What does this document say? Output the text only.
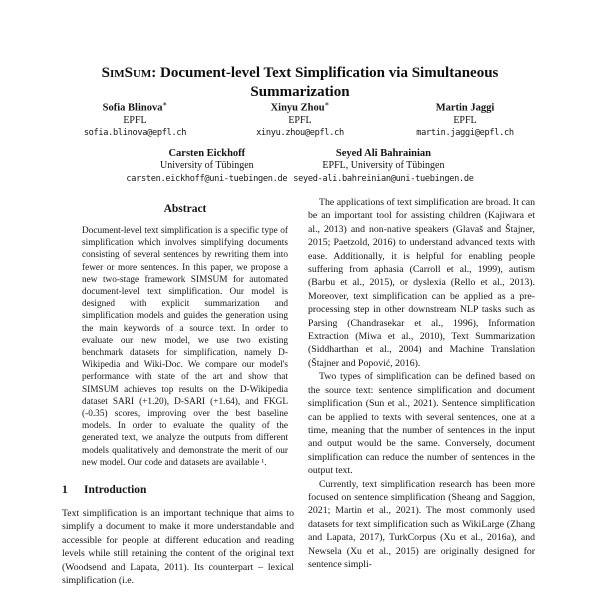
SimSum: Document-level Text Simplification via Simultaneous Summarization
Sofia Blinova∗
EPFL
sofia.blinova@epfl.ch
Xinyu Zhou∗
EPFL
xinyu.zhou@epfl.ch
Martin Jaggi
EPFL
martin.jaggi@epfl.ch
Carsten Eickhoff
University of Tübingen
carsten.eickhoff@uni-tuebingen.de
Seyed Ali Bahrainian
EPFL, University of Tübingen
seyed-ali.bahreinian@uni-tuebingen.de
Abstract

Document-level text simplification is a specific type of simplification which involves simplifying documents consisting of several sentences by rewriting them into fewer or more sentences. In this paper, we propose a new two-stage framework SIMSUM for automated document-level text simplification. Our model is designed with explicit summarization and simplification models and guides the generation using the main keywords of a source text. In order to evaluate our new model, we use two existing benchmark datasets for simplification, namely D-Wikipedia and Wiki-Doc. We compare our model's performance with state of the art and show that SIMSUM achieves top results on the D-Wikipedia dataset SARI (+1.20), D-SARI (+1.64), and FKGL (-0.35) scores, improving over the best baseline models. In order to evaluate the quality of the generated text, we analyze the outputs from different models qualitatively and demonstrate the merit of our new model. Our code and datasets are available ¹.

1 Introduction

Text simplification is an important technique that aims to simplify a document to make it more understandable and accessible for people at different education and reading levels while still retaining the content of the original text (Woodsend and Lapata, 2011). Its counterpart – lexical simplification (i.e.

The applications of text simplification are broad. It can be an important tool for assisting children (Kajiwara et al., 2013) and non-native speakers (Glavaš and Štajner, 2015; Paetzold, 2016) to understand advanced texts with ease. Additionally, it is helpful for enabling people suffering from aphasia (Carroll et al., 1999), autism (Barbu et al., 2015), or dyslexia (Rello et al., 2013). Moreover, text simplification can be applied as a pre-processing step in other downstream NLP tasks such as Parsing (Chandrasekar et al., 1996), Information Extraction (Miwa et al., 2010), Text Summarization (Siddharthan et al., 2004) and Machine Translation (Štajner and Popović, 2016).

Two types of simplification can be defined based on the source text: sentence simplification and document simplification (Sun et al., 2021). Sentence simplification can be applied to texts with several sentences, one at a time, meaning that the number of sentences in the input and output would be the same. Conversely, document simplification can reduce the number of sentences in the output text.

Currently, text simplification research has been more focused on sentence simplification (Sheang and Saggion, 2021; Martin et al., 2021). The most commonly used datasets for text simplification such as WikiLarge (Zhang and Lapata, 2017), TurkCorpus (Xu et al., 2016a), and Newsela (Xu et al., 2015) are originally designed for sentence simpli-
